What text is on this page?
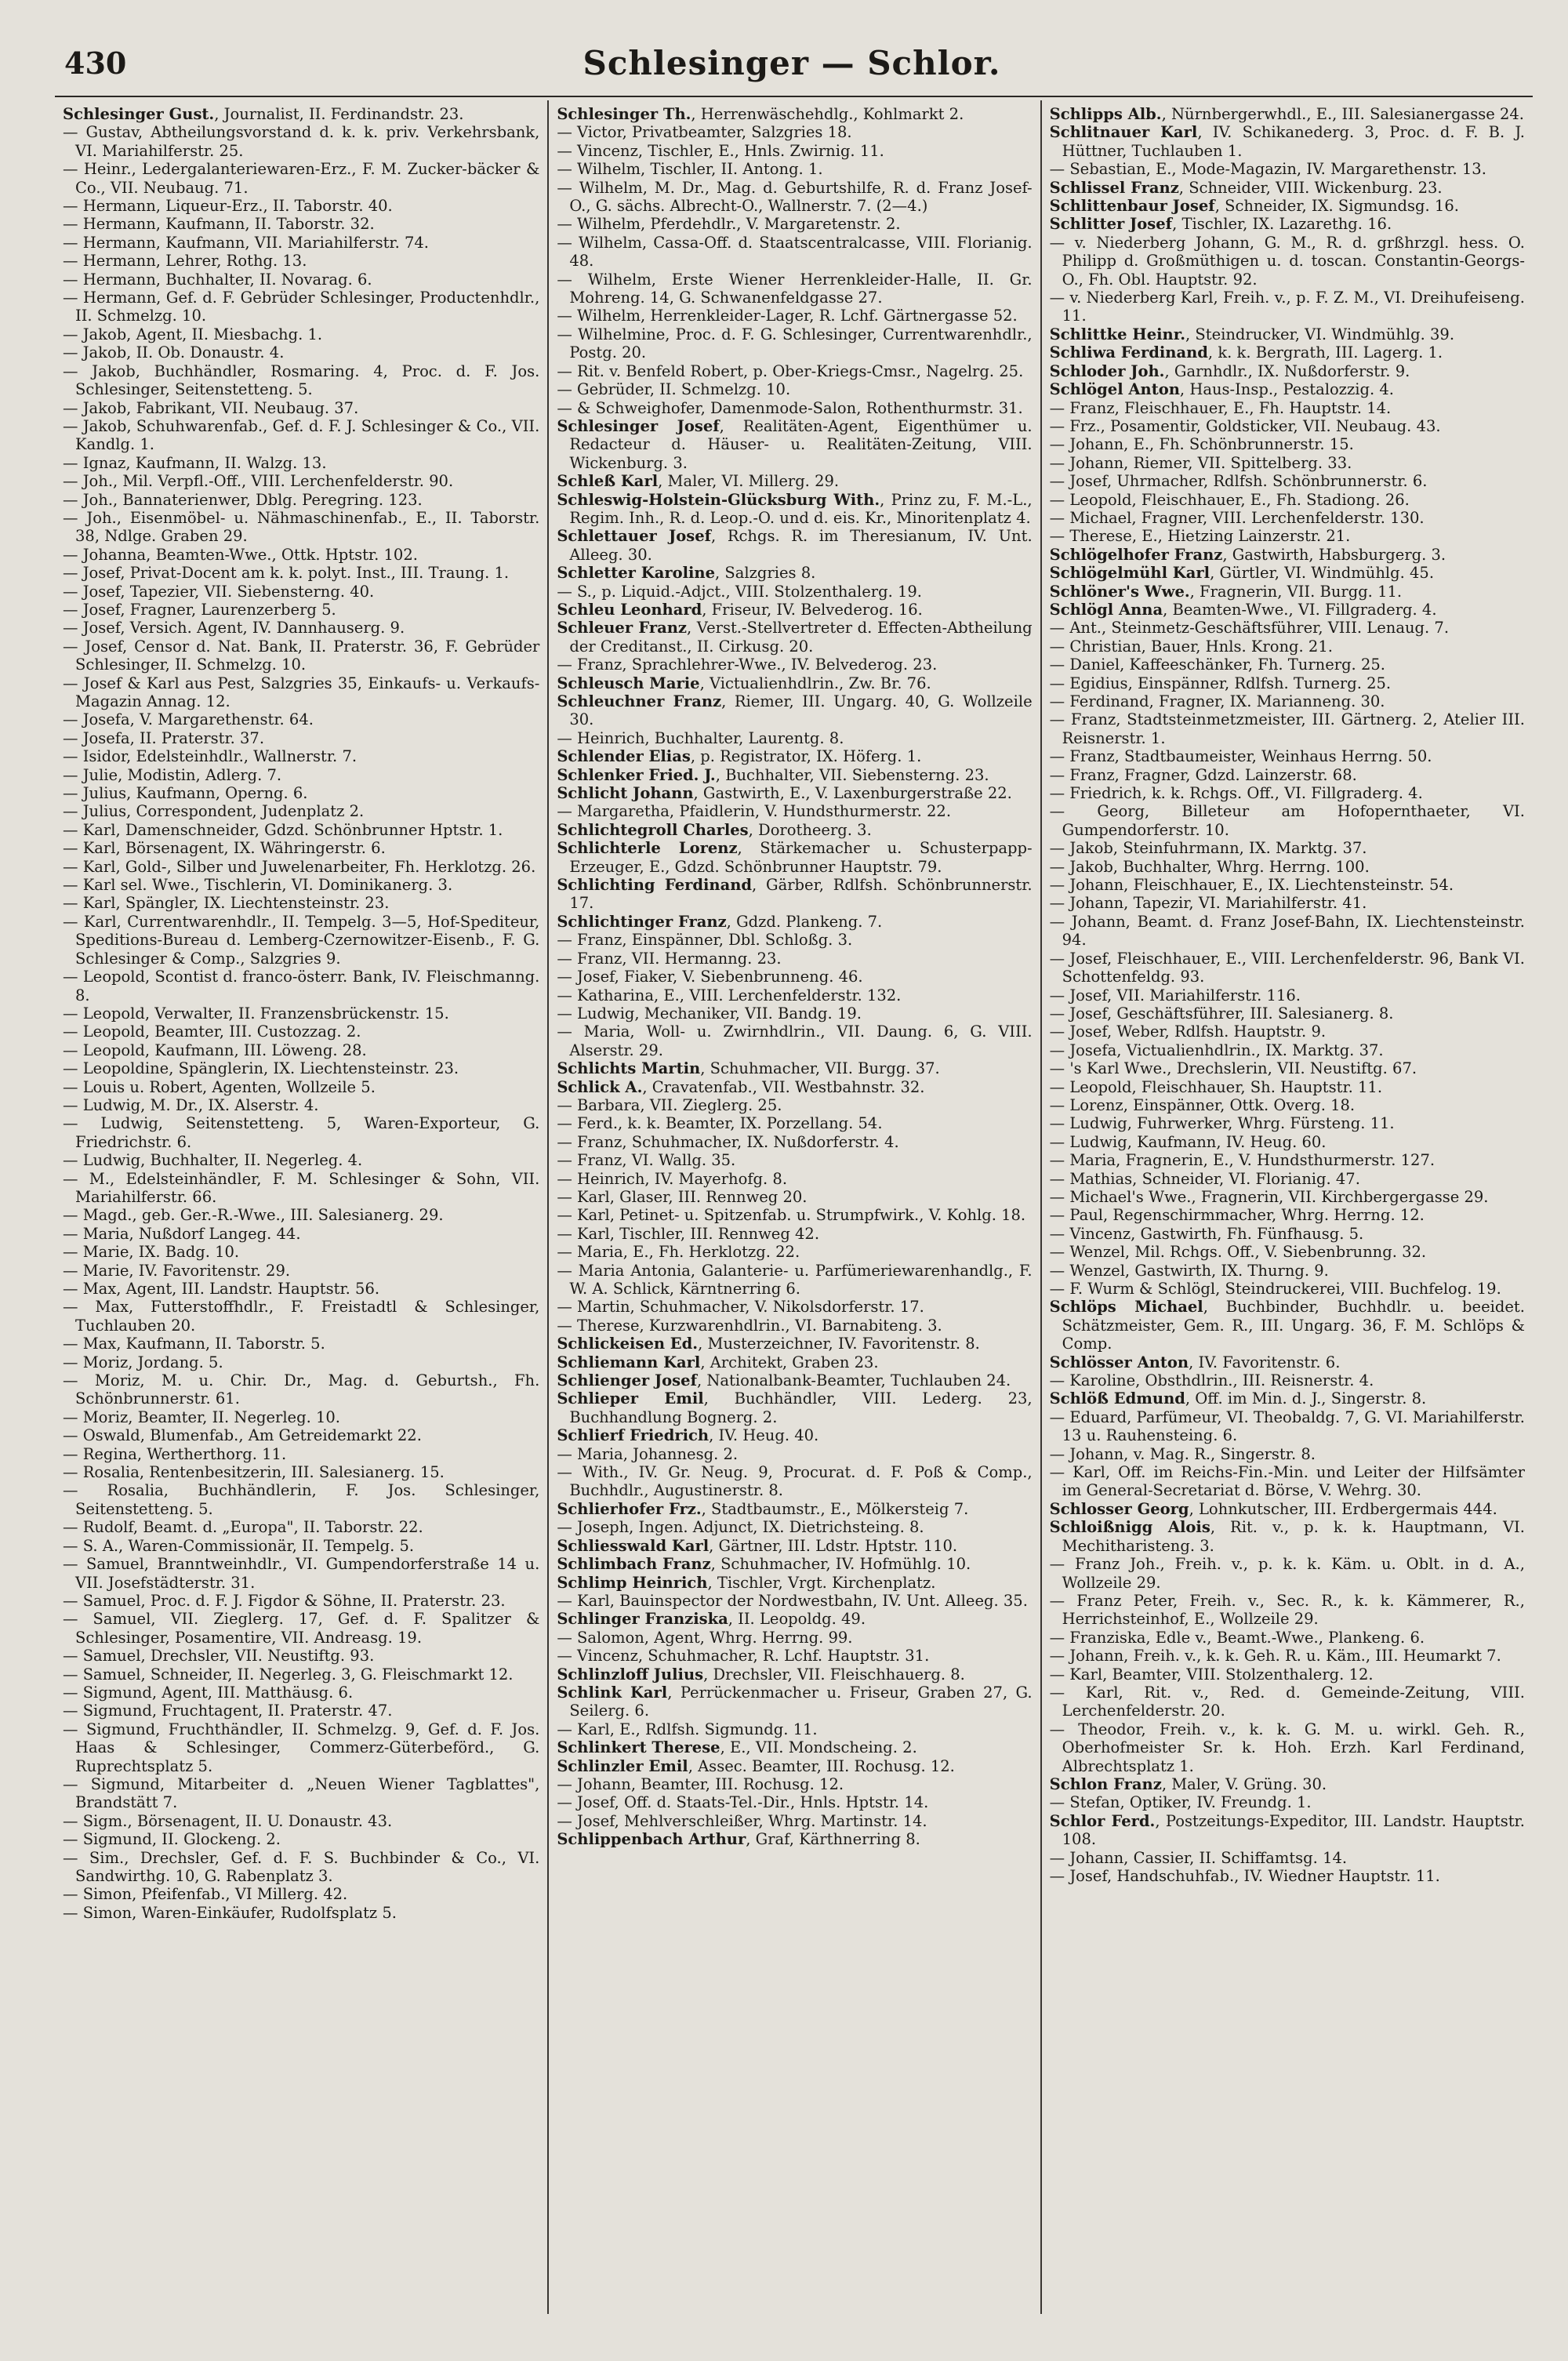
430	Schlesinger — Schlor.
Schlesinger Gust., Journalist, II. Ferdinandstr. 23.
— Gustav, Abtheilungsvorstand d. k. k. priv. Verkehrsbank, VI. Mariahilferstr. 25.
— Heinr., Ledergalanteriewaren-Erz., F. M. Zucker-bäcker & Co., VII. Neubaug. 71.
— Hermann, Liqueur-Erz., II. Taborstr. 40.
— Hermann, Kaufmann, II. Taborstr. 32.
— Hermann, Kaufmann, VII. Mariahilferstr. 74.
— Hermann, Lehrer, Rothg. 13.
— Hermann, Buchhalter, II. Novarag. 6.
— Hermann, Gef. d. F. Gebrüder Schlesinger, Productenhdlr., II. Schmelzg. 10.
— Jakob, Agent, II. Miesbachg. 1.
— Jakob, II. Ob. Donaustr. 4.
— Jakob, Buchhändler, Rosmaring. 4, Proc. d. F. Jos. Schlesinger, Seitenstetteng. 5.
— Jakob, Fabrikant, VII. Neubaug. 37.
— Jakob, Schuhwarenfab., Gef. d. F. J. Schlesinger & Co., VII. Kandlg. 1.
— Ignaz, Kaufmann, II. Walzg. 13.
— Joh., Mil. Verpfl.-Off., VIII. Lerchenfelderstr. 90.
— Joh., Bannaterienwer, Dblg. Peregring. 123.
— Joh., Eisenmöbel- u. Nähmaschinenfab., E., II. Taborstr. 38, Ndlge. Graben 29.
— Johanna, Beamten-Wwe., Ottk. Hptstr. 102.
— Josef, Privat-Docent am k. k. polyt. Inst., III. Traung. 1.
— Josef, Tapezier, VII. Siebensterng. 40.
— Josef, Fragner, Laurenzerberg 5.
— Josef, Versich. Agent, IV. Dannhauserg. 9.
— Josef, Censor d. Nat. Bank, II. Praterstr. 36, F. Gebrüder Schlesinger, II. Schmelzg. 10.
— Josef & Karl aus Pest, Salzgries 35, Einkaufs- u. Verkaufs-Magazin Annag. 12.
— Josefa, V. Margarethenstr. 64.
— Josefa, II. Praterstr. 37.
— Isidor, Edelsteinhdlr., Wallnerstr. 7.
— Julie, Modistin, Adlerg. 7.
— Julius, Kaufmann, Operng. 6.
— Julius, Correspondent, Judenplatz 2.
— Karl, Damenschneider, Gdzd. Schönbrunner Hptstr. 1.
— Karl, Börsenagent, IX. Währingerstr. 6.
— Karl, Gold-, Silber und Juwelenarbeiter, Fh. Herklotzg. 26.
— Karl sel. Wwe., Tischlerin, VI. Dominikanerg. 3.
— Karl, Spängler, IX. Liechtensteinstr. 23.
— Karl, Currentwarenhdlr., II. Tempelg. 3—5, Hof-Spediteur, Speditions-Bureau d. Lemberg-Czernowitzer-Eisenb., F. G. Schlesinger & Comp., Salzgries 9.
— Leopold, Scontist d. franco-österr. Bank, IV. Fleischmanng. 8.
— Leopold, Verwalter, II. Franzensbrückenstr. 15.
— Leopold, Beamter, III. Custozzag. 2.
— Leopold, Kaufmann, III. Löweng. 28.
— Leopoldine, Spänglerin, IX. Liechtensteinstr. 23.
— Louis u. Robert, Agenten, Wollzeile 5.
— Ludwig, M. Dr., IX. Alserstr. 4.
— Ludwig, Seitenstetteng. 5, Waren-Exporteur, G. Friedrichstr. 6.
— Ludwig, Buchhalter, II. Negerleg. 4.
— M., Edelsteinhändler, F. M. Schlesinger & Sohn, VII. Mariahilferstr. 66.
— Magd., geb. Ger.-R.-Wwe., III. Salesianerg. 29.
— Maria, Nußdorf Langeg. 44.
— Marie, IX. Badg. 10.
— Marie, IV. Favoritenstr. 29.
— Max, Agent, III. Landstr. Hauptstr. 56.
— Max, Futterstoffhdlr., F. Freistadtl & Schlesinger, Tuchlauben 20.
— Max, Kaufmann, II. Taborstr. 5.
— Moriz, Jordang. 5.
— Moriz, M. u. Chir. Dr., Mag. d. Geburtsh., Fh. Schönbrunnerstr. 61.
— Moriz, Beamter, II. Negerleg. 10.
— Oswald, Blumenfab., Am Getreidemarkt 22.
— Regina, Wertherthorg. 11.
— Rosalia, Rentenbesitzerin, III. Salesianerg. 15.
— Rosalia, Buchhändlerin, F. Jos. Schlesinger, Seitenstetteng. 5.
— Rudolf, Beamt. d. „Europa", II. Taborstr. 22.
— S. A., Waren-Commissionär, II. Tempelg. 5.
— Samuel, Branntweinhdlr., VI. Gumpendorferstraße 14 u. VII. Josefstädterstr. 31.
— Samuel, Proc. d. F. J. Figdor & Söhne, II. Praterstr. 23.
— Samuel, VII. Zieglerg. 17, Gef. d. F. Spalitzer & Schlesinger, Posamentire, VII. Andreasg. 19.
— Samuel, Drechsler, VII. Neustiftg. 93.
— Samuel, Schneider, II. Negerleg. 3, G. Fleischmarkt 12.
— Sigmund, Agent, III. Matthäusg. 6.
— Sigmund, Fruchtagent, II. Praterstr. 47.
— Sigmund, Fruchthändler, II. Schmelzg. 9, Gef. d. F. Jos. Haas & Schlesinger, Commerz-Güterbeförd., G. Ruprechtsplatz 5.
— Sigmund, Mitarbeiter d. „Neuen Wiener Tagblattes", Brandstätt 7.
— Sigm., Börsenagent, II. U. Donaustr. 43.
— Sigmund, II. Glockeng. 2.
— Sim., Drechsler, Gef. d. F. S. Buchbinder & Co., VI. Sandwirthg. 10, G. Rabenplatz 3.
— Simon, Pfeifenfab., VI Millerg. 42.
— Simon, Waren-Einkäufer, Rudolfsplatz 5.
Schlesinger Th., Herrenwäschehdlg., Kohlmarkt 2.
— Victor, Privatbeamter, Salzgries 18.
— Vincenz, Tischler, E., Hnls. Zwirnig. 11.
— Wilhelm, Tischler, II. Antong. 1.
— Wilhelm, M. Dr., Mag. d. Geburtshilfe, R. d. Franz Josef-O., G. sächs. Albrecht-O., Wallnerstr. 7. (2—4.)
— Wilhelm, Pferdehdlr., V. Margaretenstr. 2.
— Wilhelm, Cassa-Off. d. Staatscentralcasse, VIII. Florianig. 48.
— Wilhelm, Erste Wiener Herrenkleider-Halle, II. Gr. Mohreng. 14, G. Schwanenfeldgasse 27.
— Wilhelm, Herrenkleider-Lager, R. Lchf. Gärtnergasse 52.
— Wilhelmine, Proc. d. F. G. Schlesinger, Currentwarenhdlr., Postg. 20.
— Rit. v. Benfeld Robert, p. Ober-Kriegs-Cmsr., Nagelrg. 25.
— Gebrüder, II. Schmelzg. 10.
— & Schweighofer, Damenmode-Salon, Rothenthurmstr. 31.
Schlesinger Josef, Realitäten-Agent, Eigenthümer u. Redacteur d. Häuser- u. Realitäten-Zeitung, VIII. Wickenburg. 3.
Schleß Karl, Maler, VI. Millerg. 29.
Schleswig-Holstein-Glücksburg With., Prinz zu, F. M.-L., Regim. Inh., R. d. Leop.-O. und d. eis. Kr., Minoritenplatz 4.
Schlettauer Josef, Rchgs. R. im Theresianum, IV. Unt. Alleeg. 30.
Schletter Karoline, Salzgries 8.
— S., p. Liquid.-Adjct., VIII. Stolzenthalerg. 19.
Schleu Leonhard, Friseur, IV. Belvederog. 16.
Schleuer Franz, Verst.-Stellvertreter d. Effecten-Abtheilung der Creditanst., II. Cirkusg. 20.
— Franz, Sprachlehrer-Wwe., IV. Belvederog. 23.
Schleusch Marie, Victualienhdlrin., Zw. Br. 76.
Schleuchner Franz, Riemer, III. Ungarg. 40, G. Wollzeile 30.
— Heinrich, Buchhalter, Laurentg. 8.
Schlender Elias, p. Registrator, IX. Höferg. 1.
Schlenker Fried. J., Buchhalter, VII. Siebensterng. 23.
Schlicht Johann, Gastwirth, E., V. Laxenburgerstraße 22.
— Margaretha, Pfaidlerin, V. Hundsthurmerstr. 22.
Schlichtegroll Charles, Dorotheerg. 3.
Schlichterle Lorenz, Stärkemacher u. Schusterpapp-Erzeuger, E., Gdzd. Schönbrunner Hauptstr. 79.
Schlichting Ferdinand, Gärber, Rdlfsh. Schönbrunnerstr. 17.
Schlichtinger Franz, Gdzd. Plankeng. 7.
— Franz, Einspänner, Dbl. Schloßg. 3.
— Franz, VII. Hermanng. 23.
— Josef, Fiaker, V. Siebenbrunneng. 46.
— Katharina, E., VIII. Lerchenfelderstr. 132.
— Ludwig, Mechaniker, VII. Bandg. 19.
— Maria, Woll- u. Zwirnhdlrin., VII. Daung. 6, G. VIII. Alserstr. 29.
Schlichts Martin, Schuhmacher, VII. Burgg. 37.
Schlick A., Cravatenfab., VII. Westbahnstr. 32.
— Barbara, VII. Zieglerg. 25.
— Ferd., k. k. Beamter, IX. Porzellang. 54.
— Franz, Schuhmacher, IX. Nußdorferstr. 4.
— Franz, VI. Wallg. 35.
— Heinrich, IV. Mayerhofg. 8.
— Karl, Glaser, III. Rennweg 20.
— Karl, Petinet- u. Spitzenfab. u. Strumpfwirk., V. Kohlg. 18.
— Karl, Tischler, III. Rennweg 42.
— Maria, E., Fh. Herklotzg. 22.
— Maria Antonia, Galanterie- u. Parfümeriewarenhandlg., F. W. A. Schlick, Kärntnerring 6.
— Martin, Schuhmacher, V. Nikolsdorferstr. 17.
— Therese, Kurzwarenhdlrin., VI. Barnabiteng. 3.
Schlickeisen Ed., Musterzeichner, IV. Favoritenstr. 8.
Schliemann Karl, Architekt, Graben 23.
Schlienger Josef, Nationalbank-Beamter, Tuchlauben 24.
Schlieper Emil, Buchhändler, VIII. Lederg. 23, Buchhandlung Bognerg. 2.
Schlierf Friedrich, IV. Heug. 40.
— Maria, Johannesg. 2.
— With., IV. Gr. Neug. 9, Procurat. d. F. Poß & Comp., Buchhdlr., Augustinerstr. 8.
Schlierhofer Frz., Stadtbaumstr., E., Mölkersteig 7.
— Joseph, Ingen. Adjunct, IX. Dietrichsteing. 8.
Schliesswald Karl, Gärtner, III. Ldstr. Hptstr. 110.
Schlimbach Franz, Schuhmacher, IV. Hofmühlg. 10.
Schlimp Heinrich, Tischler, Vrgt. Kirchenplatz.
— Karl, Bauinspector der Nordwestbahn, IV. Unt. Alleeg. 35.
Schlinger Franziska, II. Leopoldg. 49.
— Salomon, Agent, Whrg. Herrng. 99.
— Vincenz, Schuhmacher, R. Lchf. Hauptstr. 31.
Schlinzloff Julius, Drechsler, VII. Fleischhauerg. 8.
Schlink Karl, Perrückenmacher u. Friseur, Graben 27, G. Seilerg. 6.
— Karl, E., Rdlfsh. Sigmundg. 11.
Schlinkert Therese, E., VII. Mondscheing. 2.
Schlinzler Emil, Assec. Beamter, III. Rochusg. 12.
— Johann, Beamter, III. Rochusg. 12.
— Josef, Off. d. Staats-Tel.-Dir., Hnls. Hptstr. 14.
— Josef, Mehlverschleißer, Whrg. Martinstr. 14.
Schlippenbach Arthur, Graf, Kärthnerring 8.
Schlipps Alb., Nürnbergerwhdl., E., III. Salesianergasse 24.
Schlitnauer Karl, IV. Schikanederg. 3, Proc. d. F. B. J. Hüttner, Tuchlauben 1.
— Sebastian, E., Mode-Magazin, IV. Margarethenstr. 13.
Schlissel Franz, Schneider, VIII. Wickenburg. 23.
Schlittenbaur Josef, Schneider, IX. Sigmundsg. 16.
Schlitter Josef, Tischler, IX. Lazarethg. 16.
— v. Niederberg Johann, G. M., R. d. grßhrzgl. hess. O. Philipp d. Großmüthigen u. d. toscan. Constantin-Georgs-O., Fh. Obl. Hauptstr. 92.
— v. Niederberg Karl, Freih. v., p. F. Z. M., VI. Dreihufeiseng. 11.
Schlittke Heinr., Steindrucker, VI. Windmühlg. 39.
Schliwa Ferdinand, k. k. Bergrath, III. Lagerg. 1.
Schloder Joh., Garnhdlr., IX. Nußdorferstr. 9.
Schlögel Anton, Haus-Insp., Pestalozzig. 4.
— Franz, Fleischhauer, E., Fh. Hauptstr. 14.
— Frz., Posamentir, Goldsticker, VII. Neubaug. 43.
— Johann, E., Fh. Schönbrunnerstr. 15.
— Johann, Riemer, VII. Spittelberg. 33.
— Josef, Uhrmacher, Rdlfsh. Schönbrunnerstr. 6.
— Leopold, Fleischhauer, E., Fh. Stadiong. 26.
— Michael, Fragner, VIII. Lerchenfelderstr. 130.
— Therese, E., Hietzing Lainzerstr. 21.
Schlögelhofer Franz, Gastwirth, Habsburgerg. 3.
Schlögelmühl Karl, Gürtler, VI. Windmühlg. 45.
Schlöner's Wwe., Fragnerin, VII. Burgg. 11.
Schlögl Anna, Beamten-Wwe., VI. Fillgraderg. 4.
— Ant., Steinmetz-Geschäftsführer, VIII. Lenaug. 7.
— Christian, Bauer, Hnls. Krong. 21.
— Daniel, Kaffeeschänker, Fh. Turnerg. 25.
— Egidius, Einspänner, Rdlfsh. Turnerg. 25.
— Ferdinand, Fragner, IX. Marianneng. 30.
— Franz, Stadtsteinmetzmeister, III. Gärtnerg. 2, Atelier III. Reisnerstr. 1.
— Franz, Stadtbaumeister, Weinhaus Herrng. 50.
— Franz, Fragner, Gdzd. Lainzerstr. 68.
— Friedrich, k. k. Rchgs. Off., VI. Fillgraderg. 4.
— Georg, Billeteur am Hofopernthaeter, VI. Gumpendorferstr. 10.
— Jakob, Steinfuhrmann, IX. Marktg. 37.
— Jakob, Buchhalter, Whrg. Herrng. 100.
— Johann, Fleischhauer, E., IX. Liechtensteinstr. 54.
— Johann, Tapezir, VI. Mariahilferstr. 41.
— Johann, Beamt. d. Franz Josef-Bahn, IX. Liechtensteinstr. 94.
— Josef, Fleischhauer, E., VIII. Lerchenfelderstr. 96, Bank VI. Schottenfeldg. 93.
— Josef, VII. Mariahilferstr. 116.
— Josef, Geschäftsführer, III. Salesianerg. 8.
— Josef, Weber, Rdlfsh. Hauptstr. 9.
— Josefa, Victualienhdlrin., IX. Marktg. 37.
— 's Karl Wwe., Drechslerin, VII. Neustiftg. 67.
— Leopold, Fleischhauer, Sh. Hauptstr. 11.
— Lorenz, Einspänner, Ottk. Overg. 18.
— Ludwig, Fuhrwerker, Whrg. Fürsteng. 11.
— Ludwig, Kaufmann, IV. Heug. 60.
— Maria, Fragnerin, E., V. Hundsthurmerstr. 127.
— Mathias, Schneider, VI. Florianig. 47.
— Michael's Wwe., Fragnerin, VII. Kirchbergergasse 29.
— Paul, Regenschirmmacher, Whrg. Herrng. 12.
— Vincenz, Gastwirth, Fh. Fünfhausg. 5.
— Wenzel, Mil. Rchgs. Off., V. Siebenbrunng. 32.
— Wenzel, Gastwirth, IX. Thurng. 9.
— F. Wurm & Schlögl, Steindruckerei, VIII. Buchfelog. 19.
Schlöps Michael, Buchbinder, Buchhdlr. u. beeidet. Schätzmeister, Gem. R., III. Ungarg. 36, F. M. Schlöps & Comp.
Schlösser Anton, IV. Favoritenstr. 6.
— Karoline, Obsthdlrin., III. Reisnerstr. 4.
Schlöß Edmund, Off. im Min. d. J., Singerstr. 8.
— Eduard, Parfümeur, VI. Theobaldg. 7, G. VI. Mariahilferstr. 13 u. Rauhensteing. 6.
— Johann, v. Mag. R., Singerstr. 8.
— Karl, Off. im Reichs-Fin.-Min. und Leiter der Hilfsämter im General-Secretariat d. Börse, V. Wehrg. 30.
Schlosser Georg, Lohnkutscher, III. Erdbergermais 444.
Schloißnigg Alois, Rit. v., p. k. k. Hauptmann, VI. Mechitharisteng. 3.
— Franz Joh., Freih. v., p. k. k. Käm. u. Oblt. in d. A., Wollzeile 29.
— Franz Peter, Freih. v., Sec. R., k. k. Kämmerer, R., Herrichsteinhof, E., Wollzeile 29.
— Franziska, Edle v., Beamt.-Wwe., Plankeng. 6.
— Johann, Freih. v., k. k. Geh. R. u. Käm., III. Heumarkt 7.
— Karl, Beamter, VIII. Stolzenthalerg. 12.
— Karl, Rit. v., Red. d. Gemeinde-Zeitung, VIII. Lerchenfelderstr. 20.
— Theodor, Freih. v., k. k. G. M. u. wirkl. Geh. R., Oberhofmeister Sr. k. Hoh. Erzh. Karl Ferdinand, Albrechtsplatz 1.
Schlon Franz, Maler, V. Grüng. 30.
— Stefan, Optiker, IV. Freundg. 1.
Schlor Ferd., Postzeitungs-Expeditor, III. Landstr. Hauptstr. 108.
— Johann, Cassier, II. Schiffamtsg. 14.
— Josef, Handschuhfab., IV. Wiedner Hauptstr. 11.
